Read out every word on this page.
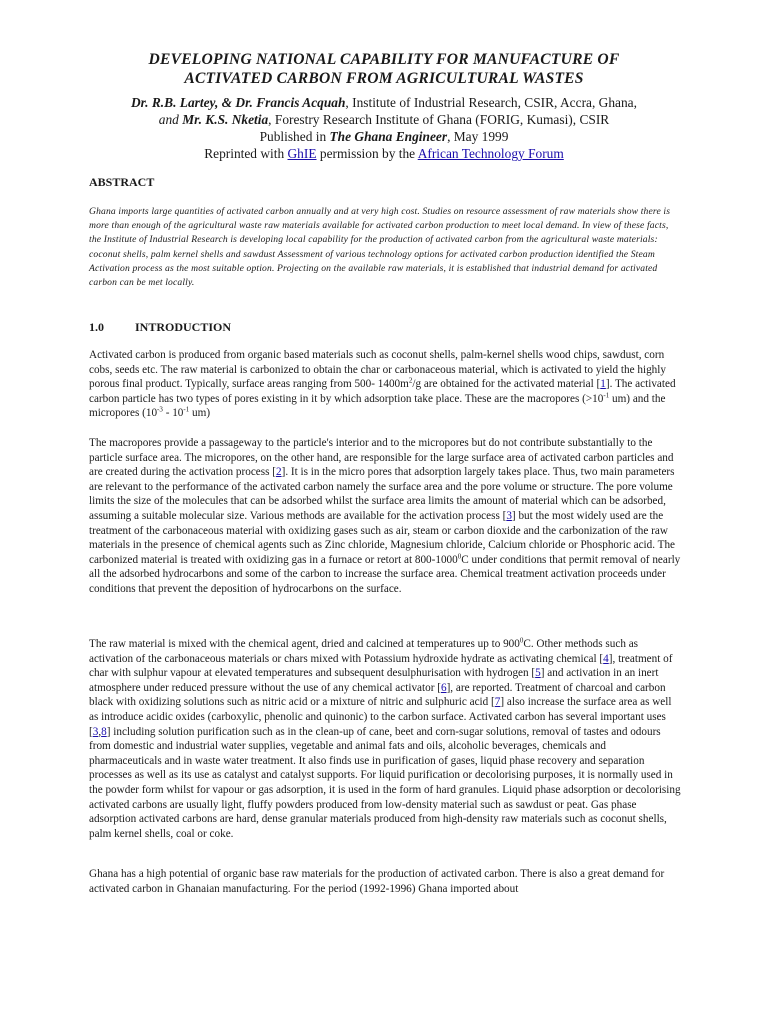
DEVELOPING NATIONAL CAPABILITY FOR MANUFACTURE OF
ACTIVATED CARBON FROM AGRICULTURAL WASTES
Dr. R.B. Lartey, & Dr. Francis Acquah, Institute of Industrial Research, CSIR, Accra, Ghana,
and Mr. K.S. Nketia, Forestry Research Institute of Ghana (FORIG, Kumasi), CSIR
Published in The Ghana Engineer, May 1999
Reprinted with GhIE permission by the African Technology Forum
ABSTRACT

Ghana imports large quantities of activated carbon annually and at very high cost. Studies on resource assessment of raw materials show there is more than enough of the agricultural waste raw materials available for activated carbon production to meet local demand. In view of these facts, the Institute of Industrial Research is developing local capability for the production of activated carbon from the agricultural waste materials: coconut shells, palm kernel shells and sawdust Assessment of various technology options for activated carbon production identified the Steam Activation process as the most suitable option. Projecting on the available raw materials, it is established that industrial demand for activated carbon can be met locally.

1.0	INTRODUCTION

Activated carbon is produced from organic based materials such as coconut shells, palm-kernel shells wood chips, sawdust, corn cobs, seeds etc. The raw material is carbonized to obtain the char or carbonaceous material, which is activated to yield the highly porous final product. Typically, surface areas ranging from 500- $1400m^2/g$ are obtained for the activated material [1]. The activated carbon particle has two types of pores existing in it by which adsorption take place. These are the macropores ($>10^{-1}$ um) and the micropores ($10^{-3} - 10^{-1}$ um)

The macropores provide a passageway to the particle's interior and to the micropores but do not contribute substantially to the particle surface area. The micropores, on the other hand, are responsible for the large surface area of activated carbon particles and are created during the activation process [2]. It is in the micro pores that adsorption largely takes place. Thus, two main parameters are relevant to the performance of the activated carbon namely the surface area and the pore volume or structure. The pore volume limits the size of the molecules that can be adsorbed whilst the surface area limits the amount of material which can be adsorbed, assuming a suitable molecular size. Various methods are available for the activation process [3] but the most widely used are the treatment of the carbonaceous material with oxidizing gases such as air, steam or carbon dioxide and the carbonization of the raw materials in the presence of chemical agents such as Zinc chloride, Magnesium chloride, Calcium chloride or Phosphoric acid. The carbonized material is treated with oxidizing gas in a furnace or retort at 800-1000$^0$C under conditions that permit removal of nearly all the adsorbed hydrocarbons and some of the carbon to increase the surface area. Chemical treatment activation proceeds under conditions that prevent the deposition of hydrocarbons on the surface.

The raw material is mixed with the chemical agent, dried and calcined at temperatures up to $900^0C$. Other methods such as activation of the carbonaceous materials or chars mixed with Potassium hydroxide hydrate as activating chemical [4], treatment of char with sulphur vapour at elevated temperatures and subsequent desulphurisation with hydrogen [5] and activation in an inert atmosphere under reduced pressure without the use of any chemical activator [6], are reported. Treatment of charcoal and carbon black with oxidizing solutions such as nitric acid or a mixture of nitric and sulphuric acid [7] also increase the surface area as well as introduce acidic oxides (carboxylic, phenolic and quinonic) to the carbon surface. Activated carbon has several important uses [3,8] including solution purification such as in the clean-up of cane, beet and corn-sugar solutions, removal of tastes and odours from domestic and industrial water supplies, vegetable and animal fats and oils, alcoholic beverages, chemicals and pharmaceuticals and in waste water treatment. It also finds use in purification of gases, liquid phase recovery and separation processes as well as its use as catalyst and catalyst supports. For liquid purification or decolorising purposes, it is normally used in the powder form whilst for vapour or gas adsorption, it is used in the form of hard granules. Liquid phase adsorption or decolorising activated carbons are usually light, fluffy powders produced from low-density material such as sawdust or peat. Gas phase adsorption activated carbons are hard, dense granular materials produced from high-density raw materials such as coconut shells, palm kernel shells, coal or coke.

Ghana has a high potential of organic base raw materials for the production of activated carbon. There is also a great demand for activated carbon in Ghanaian manufacturing. For the period (1992-1996) Ghana imported about
